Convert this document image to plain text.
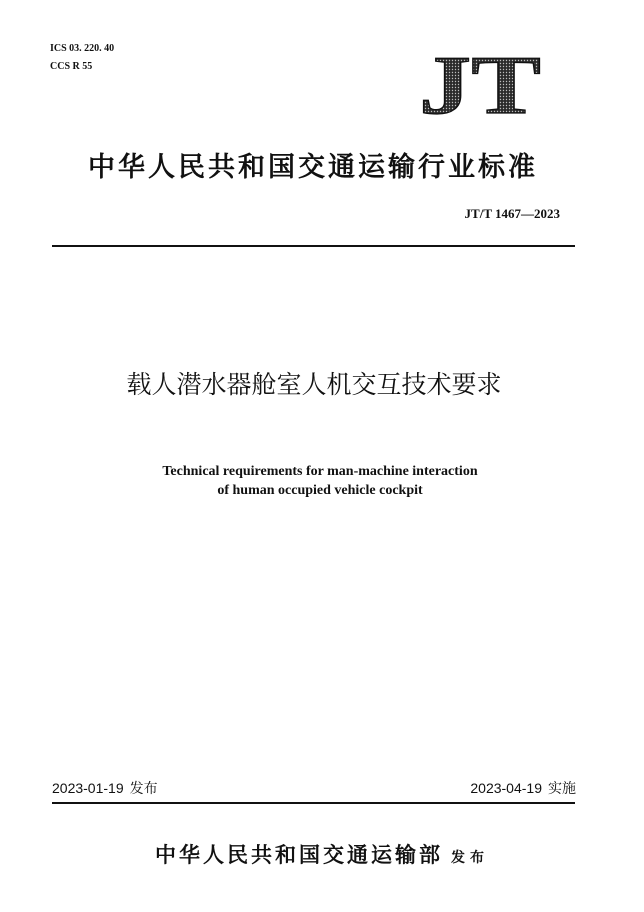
ICS 03. 220. 40
CCS R 55	JT
中华人民共和国交通运输行业标准
JT/T 1467—2023
载人潜水器舱室人机交互技术要求
Technical requirements for man-machine interaction
of human occupied vehicle cockpit
2023-01-19 发布	2023-04-19 实施
中华人民共和国交通运输部 发布
